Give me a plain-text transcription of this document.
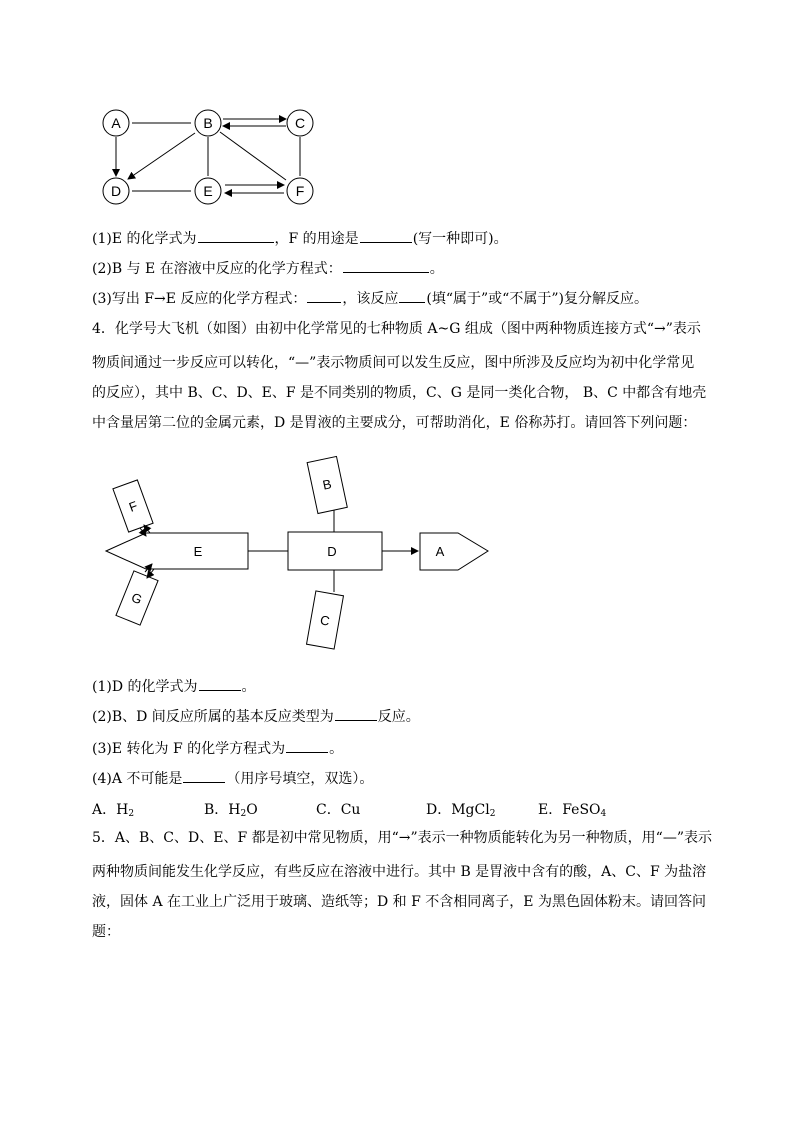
A	B	C
D	E	F
(1)E 的化学式为	，F 的用途是	(写一种即可)。
(2)B 与 E 在溶液中反应的化学方程式：	。
(3)写出 F→E 反应的化学方程式：	，该反应 (填“属于”或“不属于”)复分解反应。
4．化学号大飞机（如图）由初中化学常见的七种物质 A~G 组成（图中两种物质连接方式“→”表示
物质间通过一步反应可以转化，“—”表示物质间可以发生反应，图中所涉及反应均为初中化学常见
的反应），其中 B、C、D、E、F 是不同类别的物质，C、G 是同一类化合物， B、C 中都含有地壳
中含量居第二位的金属元素，D 是胃液的主要成分，可帮助消化，E 俗称苏打。请回答下列问题：
E	D	A
B
C
F
G
(1)D 的化学式为	。
(2)B、D 间反应所属的基本反应类型为	反应。
(3)E 转化为 F 的化学方程式为	。
(4)A 不可能是	（用序号填空，双选）。
A．$H_2$	B．$H_2O$	C．Cu	D．MgCl$_2$	E．FeSO$_4$
5．A、B、C、D、E、F 都是初中常见物质，用“→”表示一种物质能转化为另一种物质，用“—”表示
两种物质间能发生化学反应，有些反应在溶液中进行。其中 B 是胃液中含有的酸，A、C、F 为盐溶
液，固体 A 在工业上广泛用于玻璃、造纸等；D 和 F 不含相同离子，E 为黑色固体粉末。请回答问
题：
